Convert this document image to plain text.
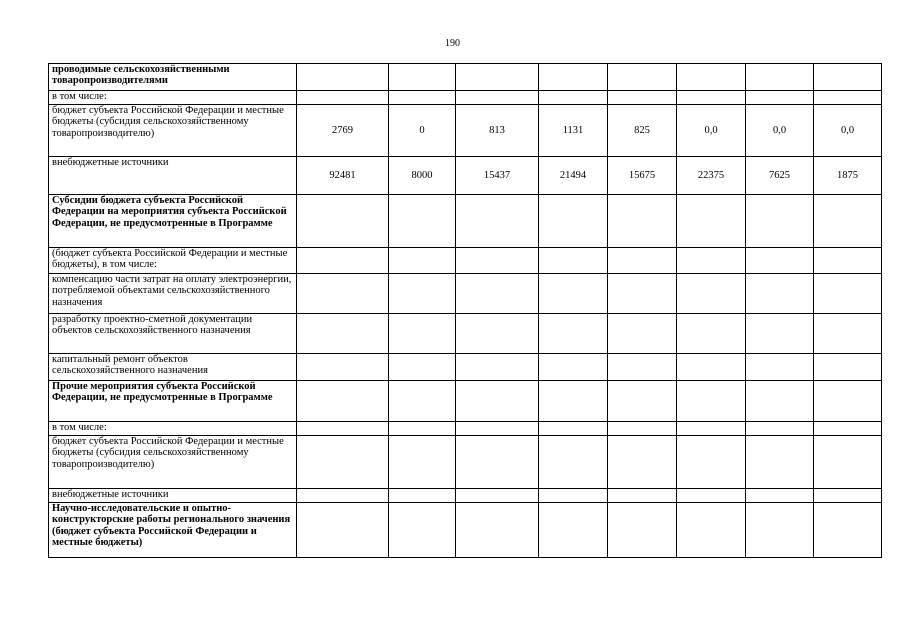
190
проводимые сельскохозяйственными товаропроизводителями								
в том числе:								
бюджет субъекта Российской Федерации и местные бюджеты (субсидия сельскохозяйственному товаропроизводителю)	2769	0	813	1131	825	0,0	0,0	0,0
внебюджетные источники	92481	8000	15437	21494	15675	22375	7625	1875
Субсидии бюджета субъекта Российской Федерации на мероприятия субъекта Российской Федерации, не предусмотренные в Программе								
(бюджет субъекта Российской Федерации и местные бюджеты), в том числе:								
компенсацию части затрат на оплату электроэнергии, потребляемой объектами сельскохозяйственного назначения								
разработку проектно-сметной документации объектов сельскохозяйственного назначения								
капитальный ремонт объектов сельскохозяйственного назначения								
Прочие мероприятия субъекта Российской Федерации, не предусмотренные в Программе								
в том числе:								
бюджет субъекта Российской Федерации и местные бюджеты (субсидия сельскохозяйственному товаропроизводителю)								
внебюджетные источники								
Научно-исследовательские и опытно-конструкторские работы регионального значения (бюджет субъекта Российской Федерации и местные бюджеты)								
